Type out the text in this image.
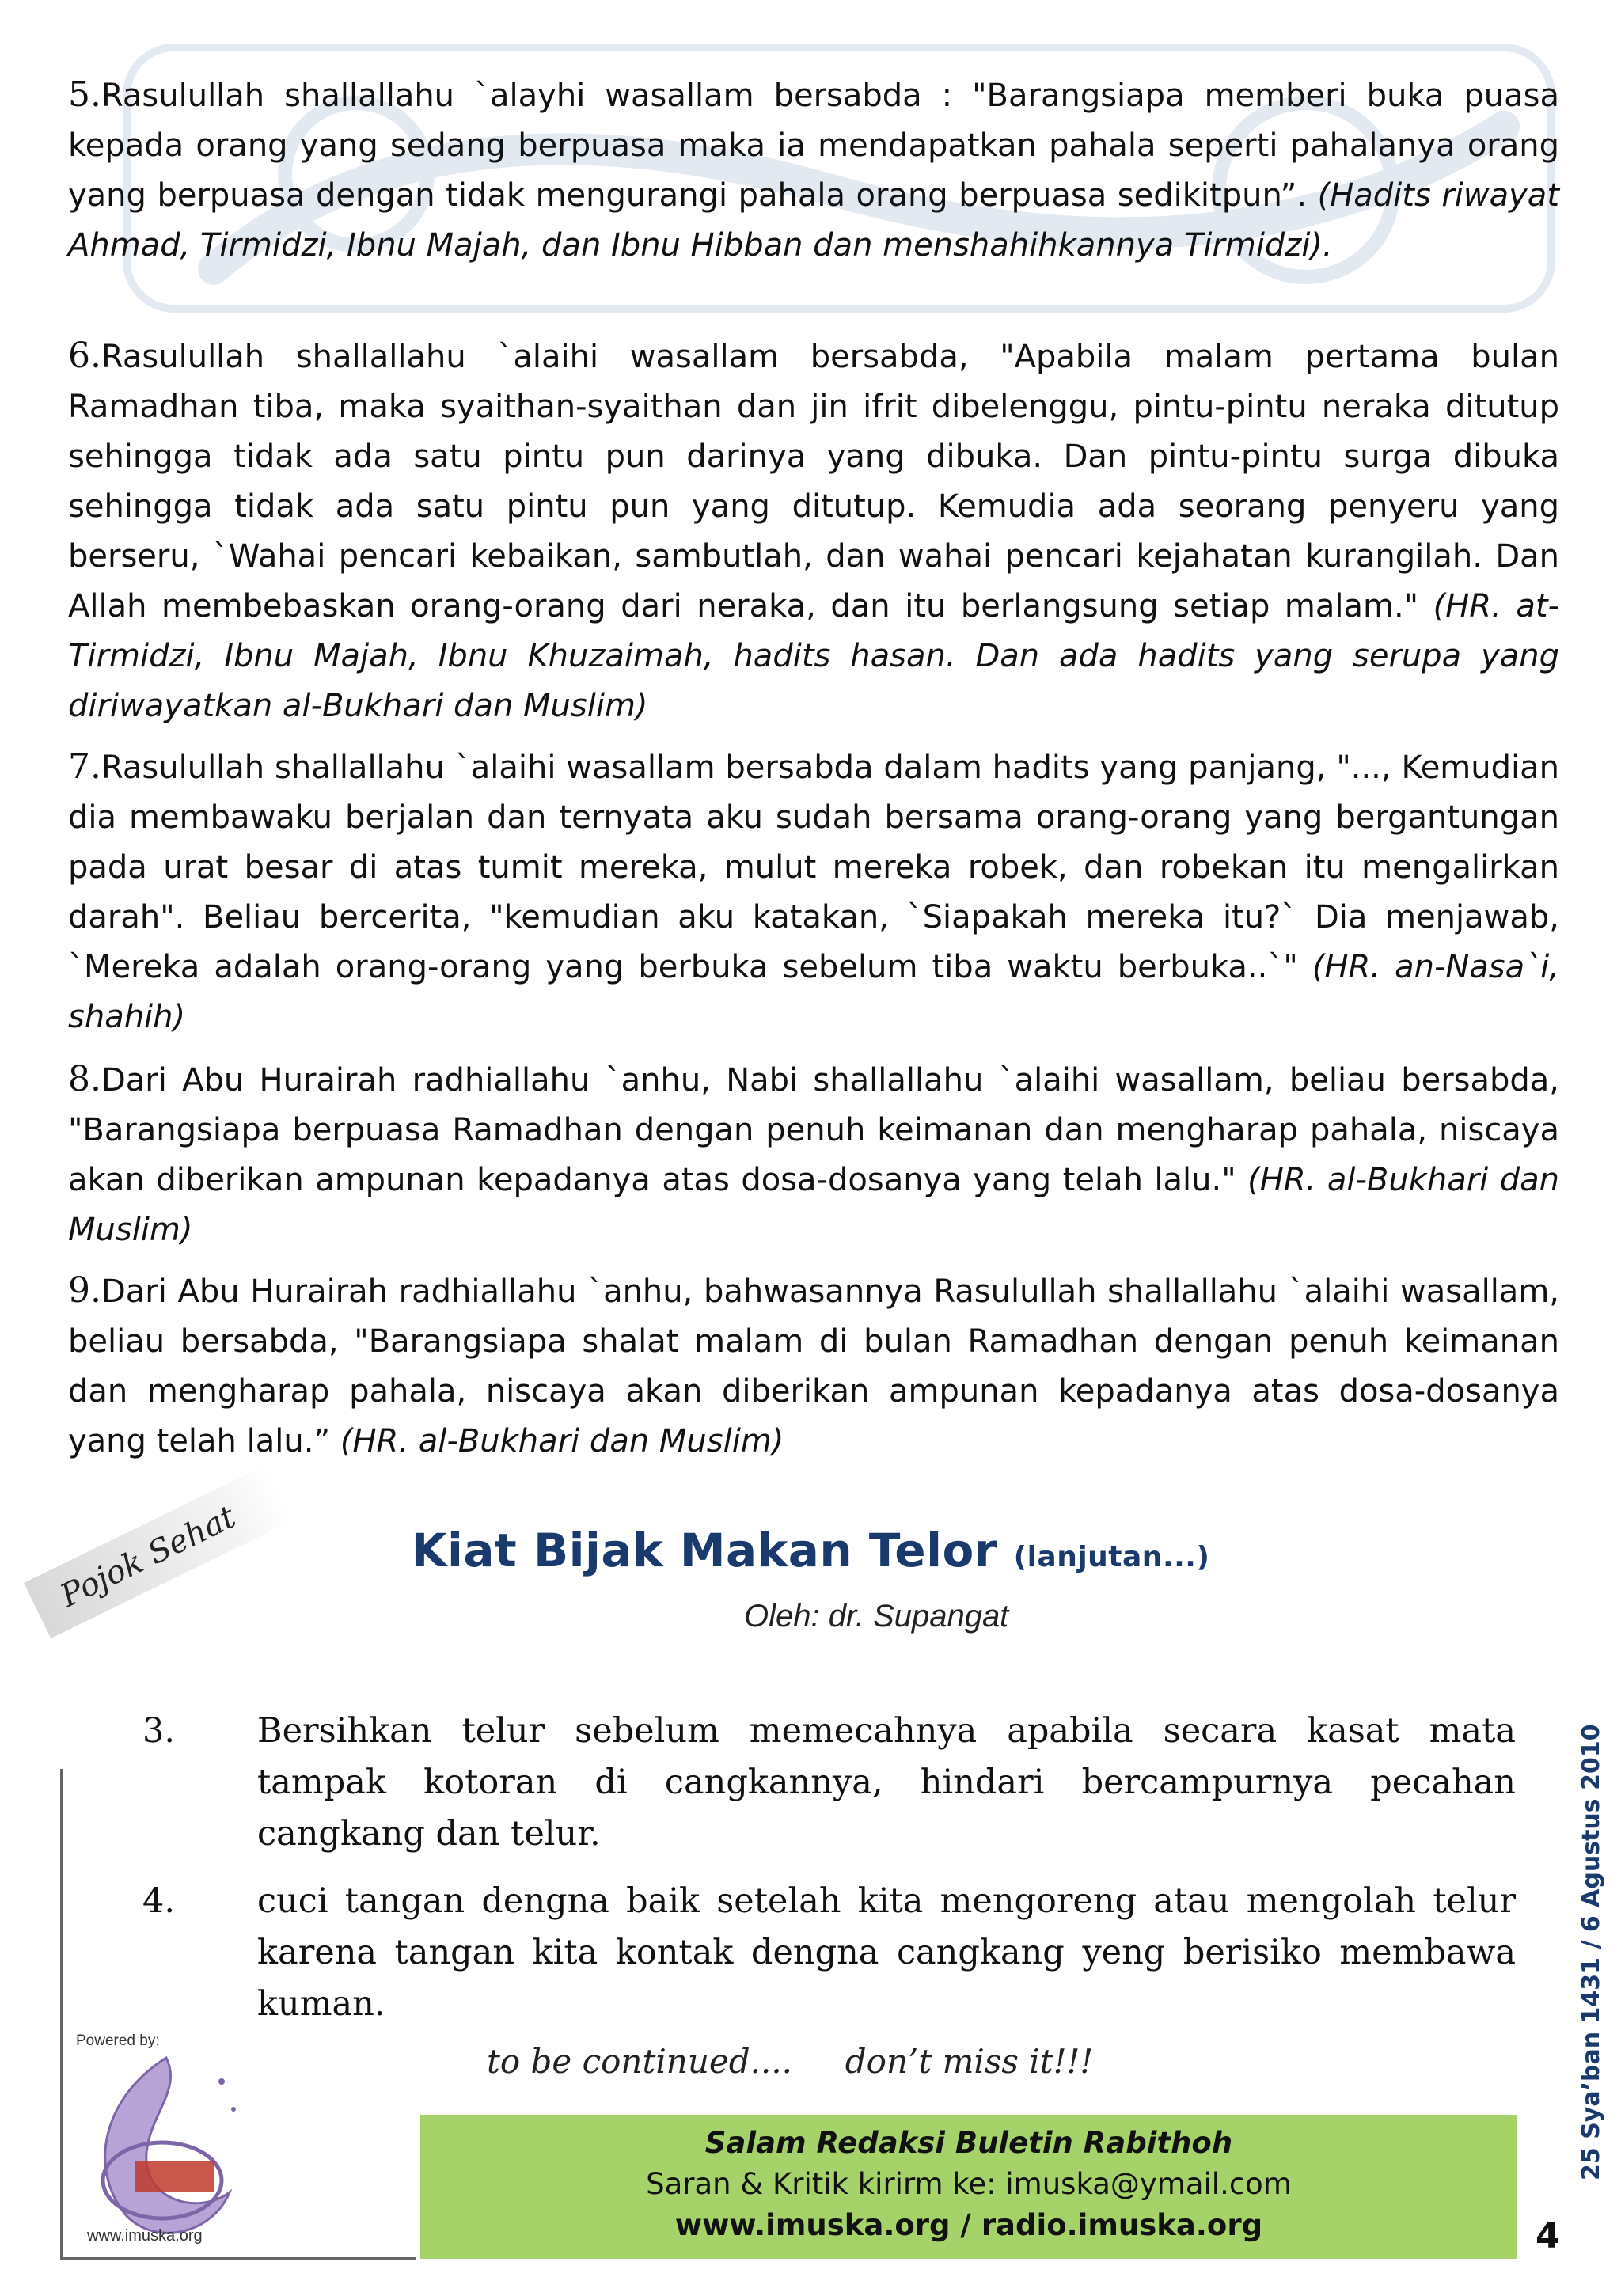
5.Rasulullah shallallahu `alayhi wasallam bersabda : "Barangsiapa memberi buka puasa kepada orang yang sedang berpuasa maka ia mendapatkan pahala seperti pahalanya orang yang berpuasa dengan tidak mengurangi pahala orang berpuasa sedikitpun”. (Hadits riwayat Ahmad, Tirmidzi, Ibnu Majah, dan Ibnu Hibban dan menshahihkannya Tirmidzi).

6.Rasulullah shallallahu `alaihi wasallam bersabda, "Apabila malam pertama bulan Ramadhan tiba, maka syaithan-syaithan dan jin ifrit dibelenggu, pintu-pintu neraka ditutup sehingga tidak ada satu pintu pun darinya yang dibuka. Dan pintu-pintu surga dibuka sehingga tidak ada satu pintu pun yang ditutup. Kemudia ada seorang penyeru yang berseru, `Wahai pencari kebaikan, sambutlah, dan wahai pencari kejahatan kurangilah. Dan Allah membebaskan orang-orang dari neraka, dan itu berlangsung setiap malam." (HR. at-Tirmidzi, Ibnu Majah, Ibnu Khuzaimah, hadits hasan. Dan ada hadits yang serupa yang diriwayatkan al-Bukhari dan Muslim)

7.Rasulullah shallallahu `alaihi wasallam bersabda dalam hadits yang panjang, "..., Kemudian dia membawaku berjalan dan ternyata aku sudah bersama orang-orang yang bergantungan pada urat besar di atas tumit mereka, mulut mereka robek, dan robekan itu mengalirkan darah". Beliau bercerita, "kemudian aku katakan, `Siapakah mereka itu?` Dia menjawab, `Mereka adalah orang-orang yang berbuka sebelum tiba waktu berbuka..`" (HR. an-Nasa`i, shahih)

8.Dari Abu Hurairah radhiallahu `anhu, Nabi shallallahu `alaihi wasallam, beliau bersabda, "Barangsiapa berpuasa Ramadhan dengan penuh keimanan dan mengharap pahala, niscaya akan diberikan ampunan kepadanya atas dosa-dosanya yang telah lalu." (HR. al-Bukhari dan Muslim)

9.Dari Abu Hurairah radhiallahu `anhu, bahwasannya Rasulullah shallallahu `alaihi wasallam, beliau bersabda, "Barangsiapa shalat malam di bulan Ramadhan dengan penuh keimanan dan mengharap pahala, niscaya akan diberikan ampunan kepadanya atas dosa-dosanya yang telah lalu.” (HR. al-Bukhari dan Muslim)

Pojok Sehat	Kiat Bijak Makan Telor (lanjutan...)
Oleh: dr. Supangat
3. Bersihkan telur sebelum memecahnya apabila secara kasat mata tampak kotoran di cangkannya, hindari bercampurnya pecahan cangkang dan telur.
4. cuci tangan dengna baik setelah kita mengoreng atau mengolah telur karena tangan kita kontak dengna cangkang yeng berisiko membawa kuman.
to be continued....     don’t miss it!!!
Powered by:
www.imuska.org
Salam Redaksi Buletin Rabithoh
Saran & Kritik kirirm ke: imuska@ymail.com
www.imuska.org / radio.imuska.org
25 Sya’ban 1431 / 6 Agustus 2010
4
